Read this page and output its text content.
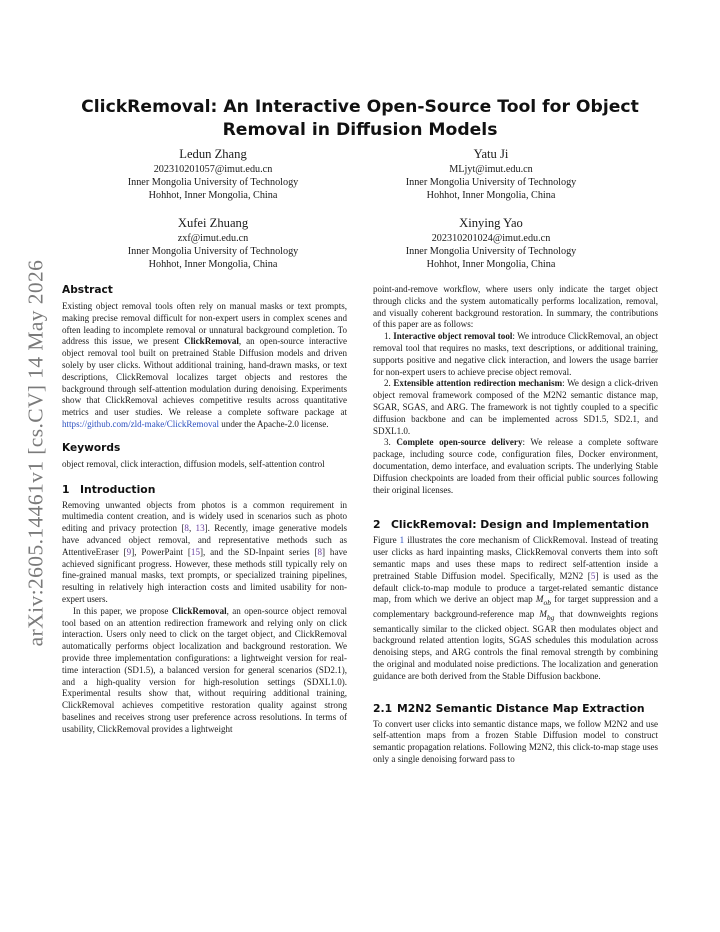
arXiv:2605.14461v1 [cs.CV] 14 May 2026
ClickRemoval: An Interactive Open-Source Tool for Object Removal in Diffusion Models
Ledun Zhang
202310201057@imut.edu.cn
Inner Mongolia University of Technology
Hohhot, Inner Mongolia, China
Yatu Ji
MLjyt@imut.edu.cn
Inner Mongolia University of Technology
Hohhot, Inner Mongolia, China
Xufei Zhuang
zxf@imut.edu.cn
Inner Mongolia University of Technology
Hohhot, Inner Mongolia, China
Xinying Yao
202310201024@imut.edu.cn
Inner Mongolia University of Technology
Hohhot, Inner Mongolia, China
Abstract

Existing object removal tools often rely on manual masks or text prompts, making precise removal difficult for non-expert users in complex scenes and often leading to incomplete removal or unnatural background completion. To address this issue, we present ClickRemoval, an open-source interactive object removal tool built on pretrained Stable Diffusion models and driven solely by user clicks. Without additional training, hand-drawn masks, or text descriptions, ClickRemoval localizes target objects and restores the background through self-attention modulation during denoising. Experiments show that ClickRemoval achieves competitive results across quantitative metrics and user studies. We release a complete software package at https://github.com/zld-make/ClickRemoval under the Apache-2.0 license.

Keywords

object removal, click interaction, diffusion models, self-attention control

1 Introduction

Removing unwanted objects from photos is a common requirement in multimedia content creation, and is widely used in scenarios such as photo editing and privacy protection [8, 13]. Recently, image generative models have advanced object removal, and representative methods such as AttentiveEraser [9], PowerPaint [15], and the SD-Inpaint series [8] have achieved significant progress. However, these methods still typically rely on fine-grained manual masks, text prompts, or specialized training pipelines, resulting in relatively high interaction costs and limited usability for non-expert users.

In this paper, we propose ClickRemoval, an open-source object removal tool based on an attention redirection framework and relying only on click interaction. Users only need to click on the target object, and ClickRemoval automatically performs object localization and background restoration. We provide three implementation configurations: a lightweight version for real-time interaction (SD1.5), a balanced version for general scenarios (SD2.1), and a high-quality version for high-resolution settings (SDXL1.0). Experimental results show that, without requiring additional training, ClickRemoval achieves competitive restoration quality against strong baselines and receives strong user preference across resolutions. In terms of usability, ClickRemoval provides a lightweight

point-and-remove workflow, where users only indicate the target object through clicks and the system automatically performs localization, removal, and visually coherent background restoration. In summary, the contributions of this paper are as follows:

1. Interactive object removal tool: We introduce ClickRemoval, an object removal tool that requires no masks, text descriptions, or additional training, supports positive and negative click interaction, and lowers the usage barrier for non-expert users to achieve precise object removal.

2. Extensible attention redirection mechanism: We design a click-driven object removal framework composed of the M2N2 semantic distance map, SGAR, SGAS, and ARG. The framework is not tightly coupled to a specific diffusion backbone and can be implemented across SD1.5, SD2.1, and SDXL1.0.

3. Complete open-source delivery: We release a complete software package, including source code, configuration files, Docker environment, documentation, demo interface, and evaluation scripts. The underlying Stable Diffusion checkpoints are loaded from their official public sources following their original licenses.

2 ClickRemoval: Design and Implementation

Figure 1 illustrates the core mechanism of ClickRemoval. Instead of treating user clicks as hard inpainting masks, ClickRemoval converts them into soft semantic maps and uses these maps to redirect self-attention inside a pretrained Stable Diffusion model. Specifically, M2N2 [5] is used as the default click-to-map module to produce a target-related semantic distance map, from which we derive an object map $M_{ob}$ for target suppression and a complementary background-reference map $M_{bg}$ that downweights regions semantically similar to the clicked object. SGAR then modulates object and background related attention logits, SGAS schedules this modulation across denoising steps, and ARG controls the final removal strength by combining the original and modulated noise predictions. The localization and generation guidance are both derived from the Stable Diffusion backbone.

2.1 M2N2 Semantic Distance Map Extraction

To convert user clicks into semantic distance maps, we follow M2N2 and use self-attention maps from a frozen Stable Diffusion model to construct semantic propagation relations. Following M2N2, this click-to-map stage uses only a single denoising forward pass to
